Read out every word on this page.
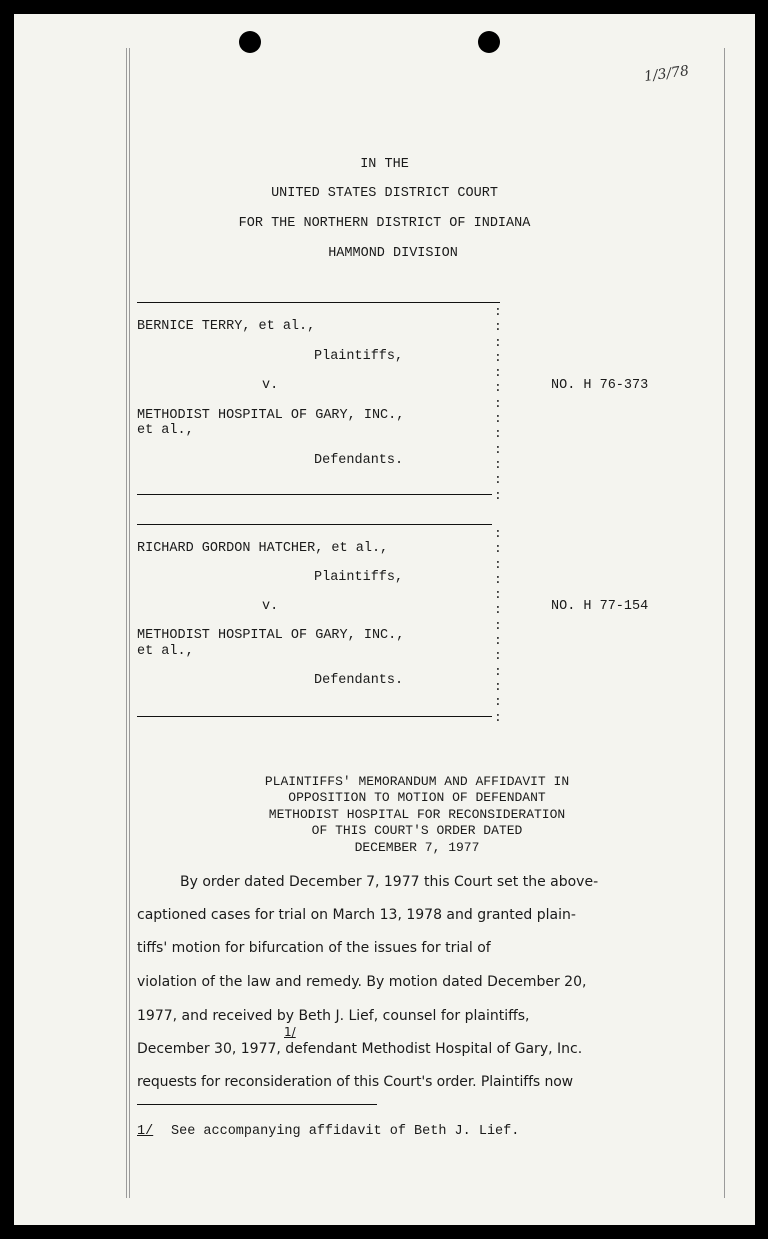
1/3/78
IN THE
UNITED STATES DISTRICT COURT
FOR THE NORTHERN DISTRICT OF INDIANA
HAMMOND DIVISION
BERNICE TERRY, et al.,
Plaintiffs,
v.	NO. H 76-373
METHODIST HOSPITAL OF GARY, INC.,
et al.,
Defendants.
:
:
:
:
:
:
:
:
:
:
:
:
:
RICHARD GORDON HATCHER, et al.,
Plaintiffs,
v.	NO. H 77-154
METHODIST HOSPITAL OF GARY, INC.,
et al.,
Defendants.
:
:
:
:
:
:
:
:
:
:
:
:
:
PLAINTIFFS' MEMORANDUM AND AFFIDAVIT IN
OPPOSITION TO MOTION OF DEFENDANT
METHODIST HOSPITAL FOR RECONSIDERATION
OF THIS COURT'S ORDER DATED
DECEMBER 7, 1977
By order dated December 7, 1977 this Court set the above-
captioned cases for trial on March 13, 1978 and granted plain-
tiffs' motion for bifurcation of the issues for trial of
violation of the law and remedy. By motion dated December 20,
1977, and received by Beth J. Lief, counsel for plaintiffs,
1/
December 30, 1977, defendant Methodist Hospital of Gary, Inc.
requests for reconsideration of this Court's order. Plaintiffs now
1/ See accompanying affidavit of Beth J. Lief.
